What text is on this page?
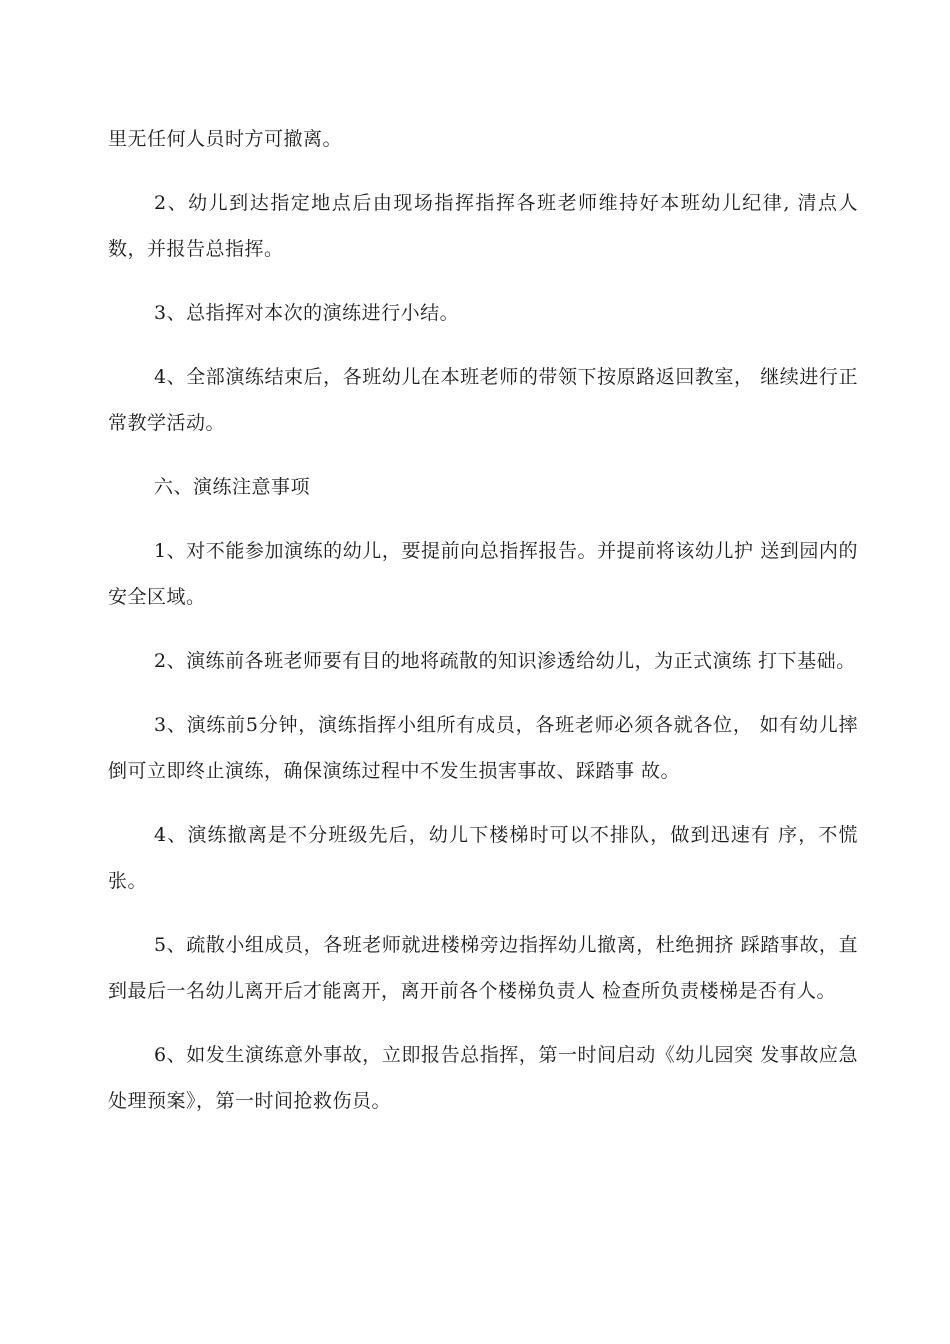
里无任何人员时方可撤离。

2、幼儿到达指定地点后由现场指挥指挥各班老师维持好本班幼儿纪律, 清点人数，并报告总指挥。

3、总指挥对本次的演练进行小结。

4、全部演练结束后，各班幼儿在本班老师的带领下按原路返回教室， 继续进行正常教学活动。

六、演练注意事项

1、对不能参加演练的幼儿，要提前向总指挥报告。并提前将该幼儿护 送到园内的安全区域。

2、演练前各班老师要有目的地将疏散的知识渗透给幼儿，为正式演练 打下基础。

3、演练前5分钟，演练指挥小组所有成员，各班老师必须各就各位， 如有幼儿摔倒可立即终止演练，确保演练过程中不发生损害事故、踩踏事 故。

4、演练撤离是不分班级先后，幼儿下楼梯时可以不排队，做到迅速有 序，不慌张。

5、疏散小组成员，各班老师就进楼梯旁边指挥幼儿撤离，杜绝拥挤 踩踏事故，直到最后一名幼儿离开后才能离开，离开前各个楼梯负责人 检查所负责楼梯是否有人。

6、如发生演练意外事故，立即报告总指挥，第一时间启动《幼儿园突 发事故应急处理预案》，第一时间抢救伤员。
